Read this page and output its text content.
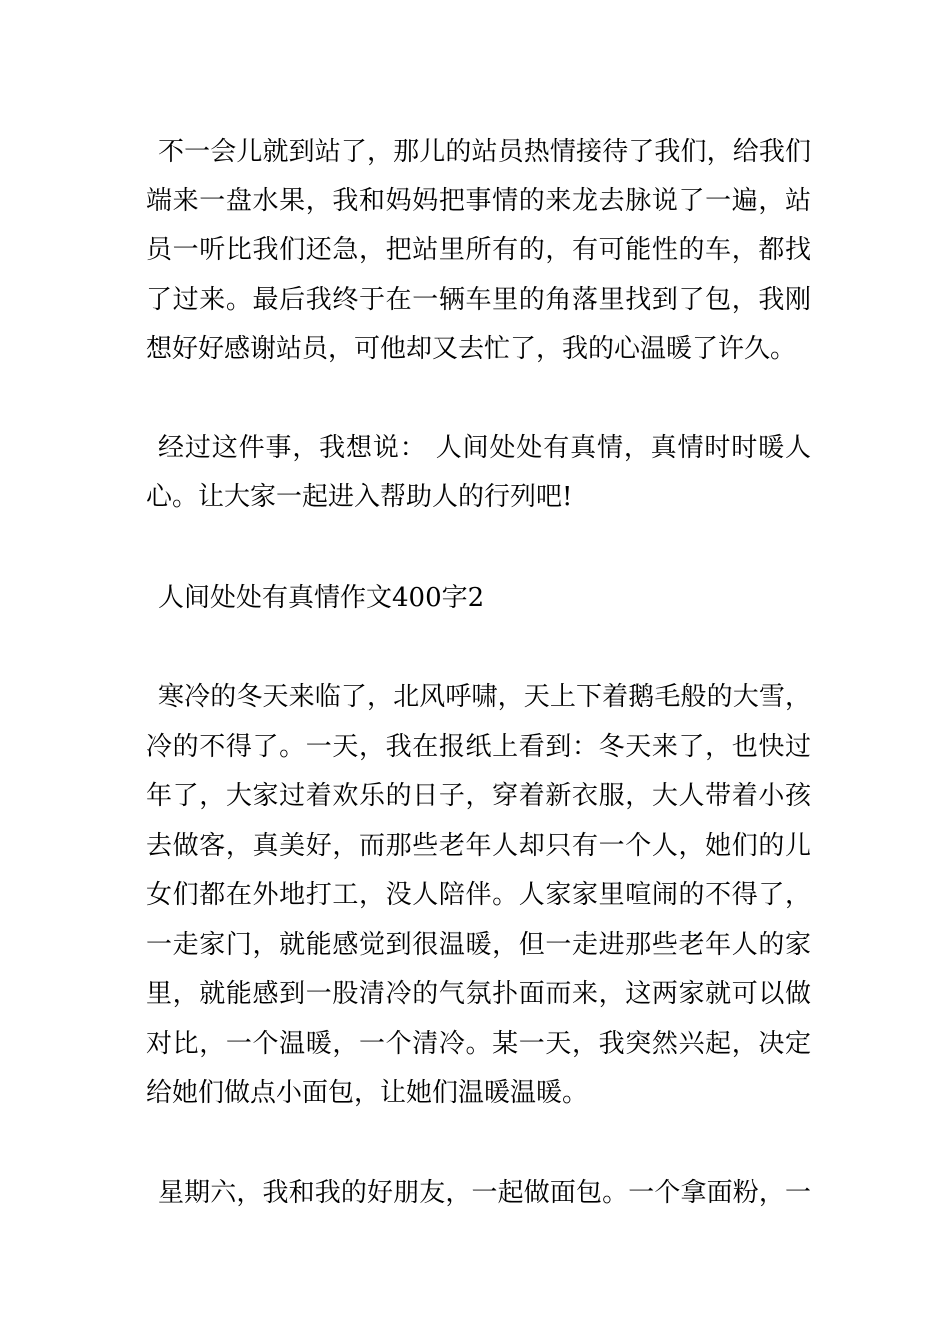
不一会儿就到站了，那儿的站员热情接待了我们，给我们
端来一盘水果，我和妈妈把事情的来龙去脉说了一遍，站
员一听比我们还急，把站里所有的，有可能性的车，都找
了过来。最后我终于在一辆车里的角落里找到了包，我刚
想好好感谢站员，可他却又去忙了，我的心温暖了许久。
经过这件事，我想说： 人间处处有真情，真情时时暖人
心。让大家一起进入帮助人的行列吧!
人间处处有真情作文400字2
寒冷的冬天来临了，北风呼啸，天上下着鹅毛般的大雪，
冷的不得了。一天，我在报纸上看到：冬天来了，也快过
年了，大家过着欢乐的日子，穿着新衣服，大人带着小孩
去做客，真美好，而那些老年人却只有一个人，她们的儿
女们都在外地打工，没人陪伴。人家家里喧闹的不得了，
一走家门，就能感觉到很温暖，但一走进那些老年人的家
里，就能感到一股清冷的气氛扑面而来，这两家就可以做
对比，一个温暖，一个清冷。某一天，我突然兴起，决定
给她们做点小面包，让她们温暖温暖。
星期六，我和我的好朋友，一起做面包。一个拿面粉，一
